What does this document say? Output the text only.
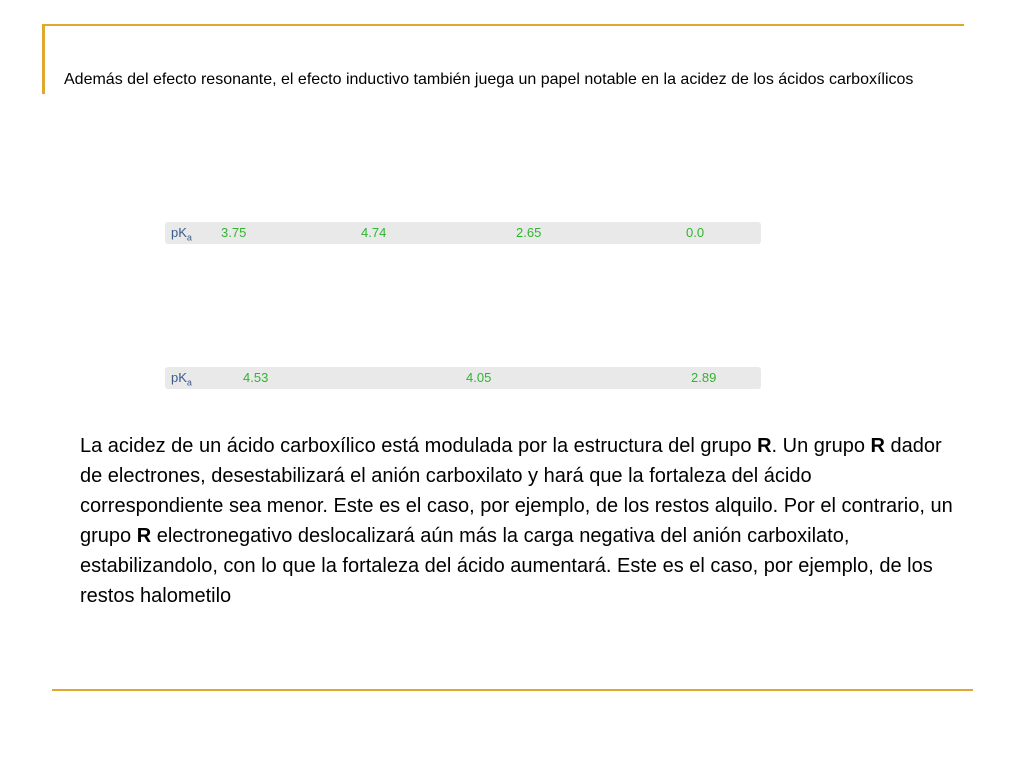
Además del efecto resonante, el efecto inductivo también juega un papel notable en la acidez de los ácidos carboxílicos
$pK_a$ 3.75	4.74	2.65	0.0
$pK_a$	4.53	4.05	2.89
La acidez de un ácido carboxílico está modulada por la estructura del grupo R. Un grupo R dador de electrones, desestabilizará el anión carboxilato y hará que la fortaleza del ácido correspondiente sea menor. Este es el caso, por ejemplo, de los restos alquilo. Por el contrario, un grupo R electronegativo deslocalizará aún más la carga negativa del anión carboxilato, estabilizandolo, con lo que la fortaleza del ácido aumentará. Este es el caso, por ejemplo, de los restos halometilo
